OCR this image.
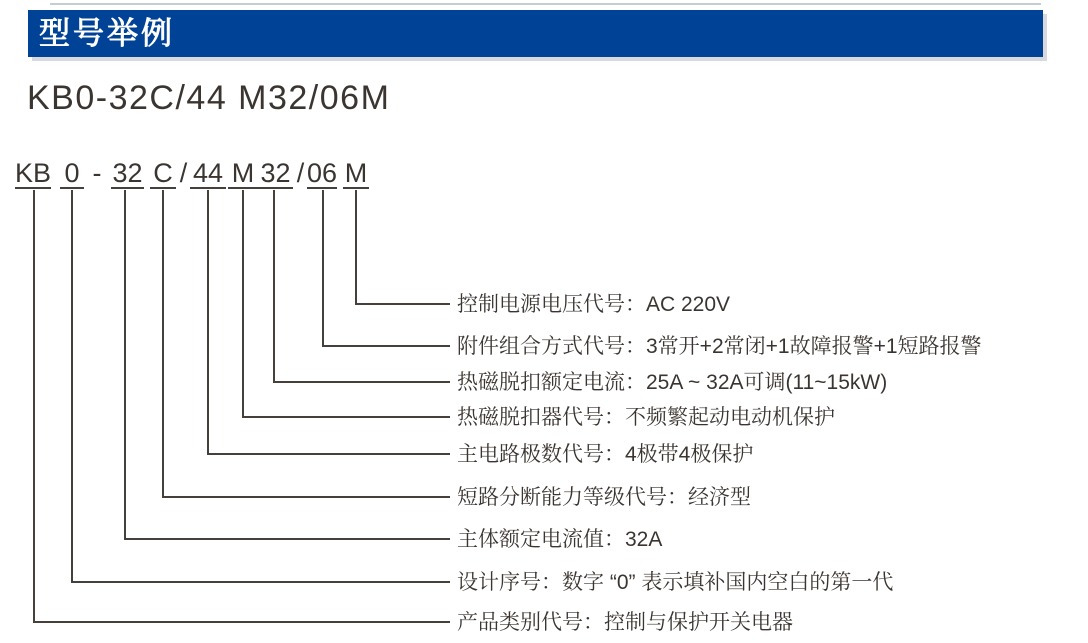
型号举例
KB0-32C/44 M32/06M
KB 0 - 32 C / 44 M 32 / 06 M
控制电源电压代号：AC 220V
附件组合方式代号：3常开+2常闭+1故障报警+1短路报警
热磁脱扣额定电流：25A ~ 32A可调(11~15kW)
热磁脱扣器代号：不频繁起动电动机保护
主电路极数代号：4极带4极保护
短路分断能力等级代号：经济型
主体额定电流值：32A
设计序号：数字 “0” 表示填补国内空白的第一代
产品类别代号：控制与保护开关电器
